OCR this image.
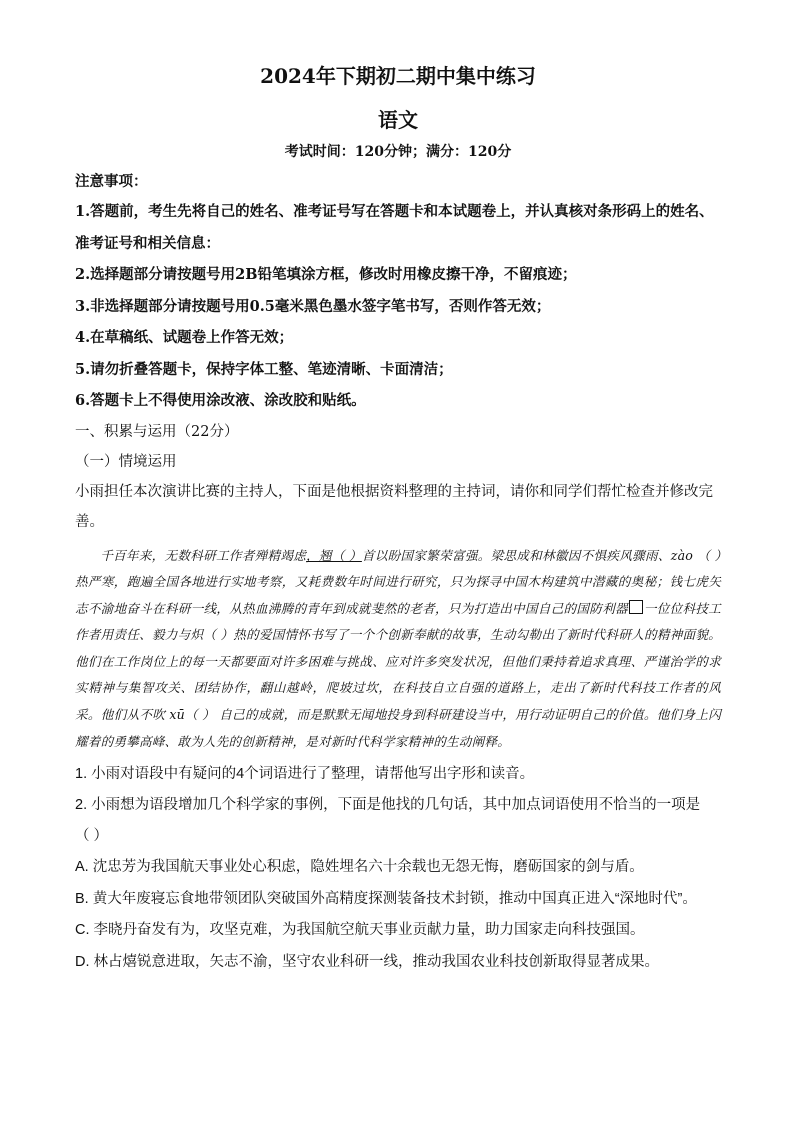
2024年下期初二期中集中练习
语文
考试时间：120分钟；满分：120分
注意事项：
1.答题前，考生先将自己的姓名、准考证号写在答题卡和本试题卷上，并认真核对条形码上的姓名、准考证号和相关信息：
2.选择题部分请按题号用2B铅笔填涂方框，修改时用橡皮擦干净，不留痕迹；
3.非选择题部分请按题号用0.5毫米黑色墨水签字笔书写，否则作答无效；
4.在草稿纸、试题卷上作答无效；
5.请勿折叠答题卡，保持字体工整、笔迹清晰、卡面清洁；
6.答题卡上不得使用涂改液、涂改胶和贴纸。
一、积累与运用（22分）
（一）情境运用
小雨担任本次演讲比赛的主持人，下面是他根据资料整理的主持词，请你和同学们帮忙检查并修改完善。
千百年来，无数科研工作者殚精竭虑，翘（ ）首以盼国家繁荣富强。梁思成和林徽因不惧疾风骤雨、zào （ ）热严寒，跑遍全国各地进行实地考察，又耗费数年时间进行研究，只为探寻中国木构建筑中潜藏的奥秘；钱七虎矢志不渝地奋斗在科研一线，从热血沸腾的青年到成就斐然的老者，只为打造出中国自己的国防利器 一位位科技工作者用责任、毅力与炽（ ）热的爱国情怀书写了一个个创新奉献的故事，生动勾勒出了新时代科研人的精神面貌。他们在工作岗位上的每一天都要面对许多困难与挑战、应对许多突发状况，但他们秉持着追求真理、严谨治学的求实精神与集智攻关、团结协作，翻山越岭，爬坡过坎，在科技自立自强的道路上，走出了新时代科技工作者的风采。他们从不吹 xū（ ） 自己的成就，而是默默无闻地投身到科研建设当中，用行动证明自己的价值。他们身上闪耀着的勇攀高峰、敢为人先的创新精神，是对新时代科学家精神的生动阐释。
1. 小雨对语段中有疑问的4个词语进行了整理，请帮他写出字形和读音。
2. 小雨想为语段增加几个科学家的事例，下面是他找的几句话，其中加点词语使用不恰当的一项是
（ ）
A. 沈忠芳为我国航天事业处心积虑，隐姓埋名六十余载也无怨无悔，磨砺国家的剑与盾。
B. 黄大年废寝忘食地带领团队突破国外高精度探测装备技术封锁，推动中国真正进入“深地时代”。
C. 李晓丹奋发有为，攻坚克难，为我国航空航天事业贡献力量，助力国家走向科技强国。
D. 林占熺锐意进取，矢志不渝，坚守农业科研一线，推动我国农业科技创新取得显著成果。
